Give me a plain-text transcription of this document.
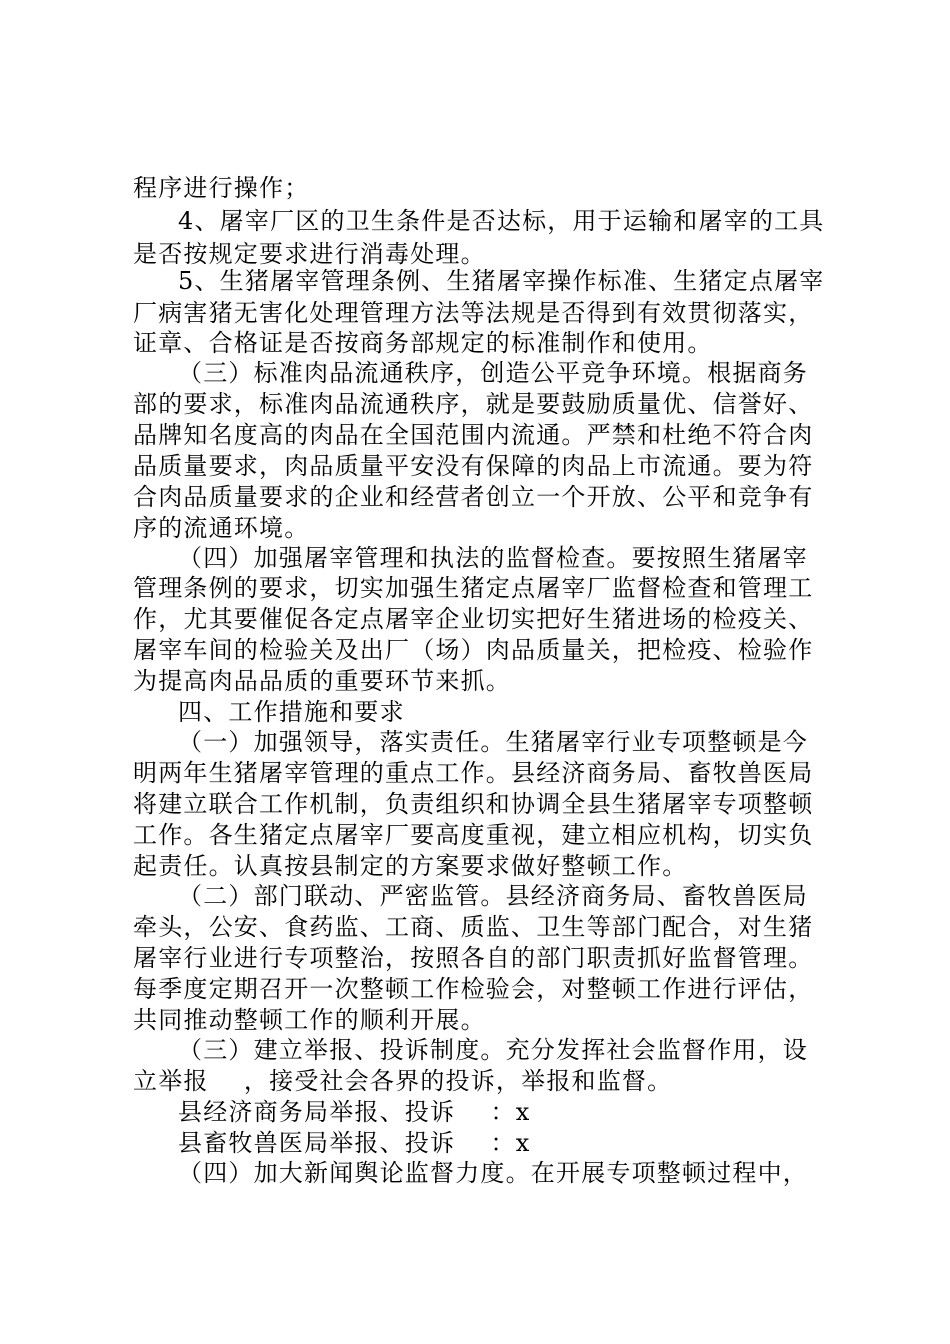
程序进行操作；
4、屠宰厂区的卫生条件是否达标，用于运输和屠宰的工具
是否按规定要求进行消毒处理。
5、生猪屠宰管理条例、生猪屠宰操作标准、生猪定点屠宰
厂病害猪无害化处理管理方法等法规是否得到有效贯彻落实，
证章、合格证是否按商务部规定的标准制作和使用。
（三）标准肉品流通秩序，创造公平竞争环境。根据商务
部的要求，标准肉品流通秩序，就是要鼓励质量优、信誉好、
品牌知名度高的肉品在全国范围内流通。严禁和杜绝不符合肉
品质量要求，肉品质量平安没有保障的肉品上市流通。要为符
合肉品质量要求的企业和经营者创立一个开放、公平和竞争有
序的流通环境。
（四）加强屠宰管理和执法的监督检查。要按照生猪屠宰
管理条例的要求，切实加强生猪定点屠宰厂监督检查和管理工
作，尤其要催促各定点屠宰企业切实把好生猪进场的检疫关、
屠宰车间的检验关及出厂（场）肉品质量关，把检疫、检验作
为提高肉品品质的重要环节来抓。
四、工作措施和要求
（一）加强领导，落实责任。生猪屠宰行业专项整顿是今
明两年生猪屠宰管理的重点工作。县经济商务局、畜牧兽医局
将建立联合工作机制，负责组织和协调全县生猪屠宰专项整顿
工作。各生猪定点屠宰厂要高度重视，建立相应机构，切实负
起责任。认真按县制定的方案要求做好整顿工作。
（二）部门联动、严密监管。县经济商务局、畜牧兽医局
牵头，公安、食药监、工商、质监、卫生等部门配合，对生猪
屠宰行业进行专项整治，按照各自的部门职责抓好监督管理。
每季度定期召开一次整顿工作检验会，对整顿工作进行评估，
共同推动整顿工作的顺利开展。
（三）建立举报、投诉制度。充分发挥社会监督作用，设
立举报    ，接受社会各界的投诉，举报和监督。
县经济商务局举报、投诉    ：x
县畜牧兽医局举报、投诉    ：x
（四）加大新闻舆论监督力度。在开展专项整顿过程中，
